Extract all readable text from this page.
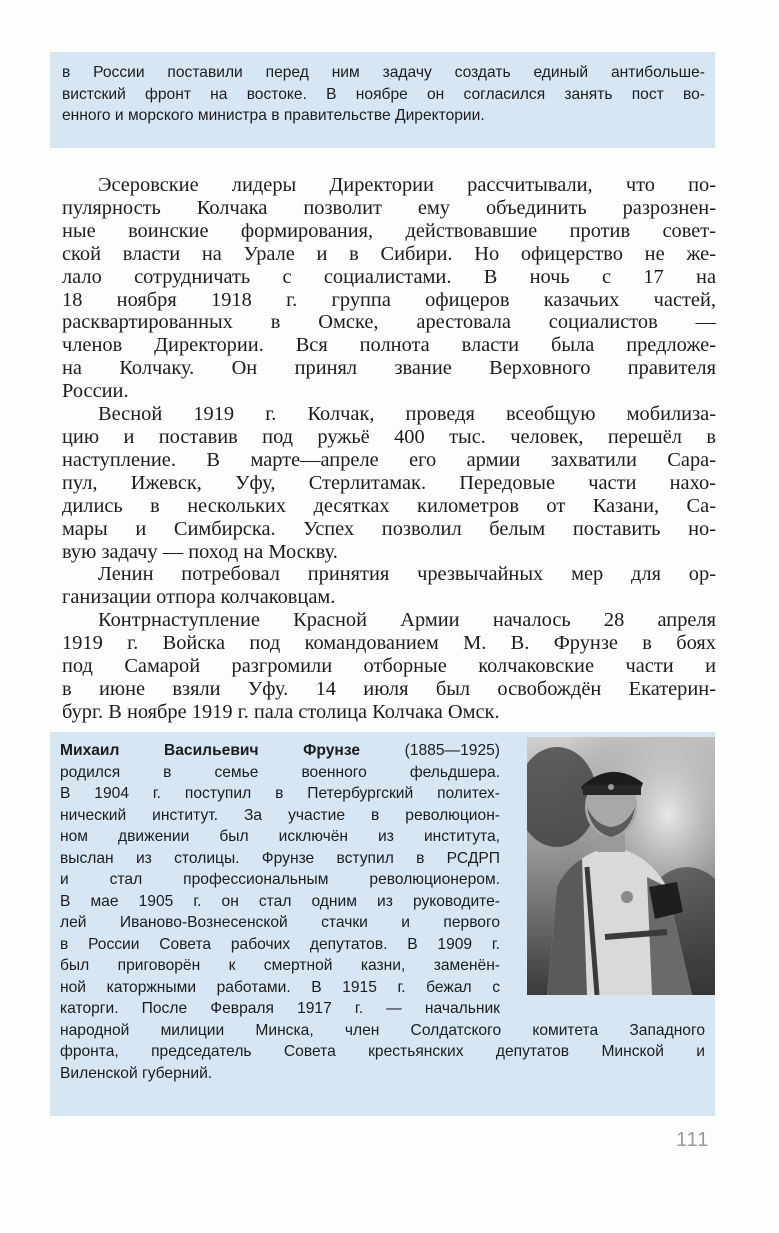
в России поставили перед ним задачу создать единый антибольше-
вистский фронт на востоке. В ноябре он согласился занять пост во-
енного и морского министра в правительстве Директории.
Эсеровские лидеры Директории рассчитывали, что по-
пулярность Колчака позволит ему объединить разрознен-
ные воинские формирования, действовавшие против совет-
ской власти на Урале и в Сибири. Но офицерство не же-
лало сотрудничать с социалистами. В ночь с 17 на
18 ноября 1918 г. группа офицеров казачьих частей,
расквартированных в Омске, арестовала социалистов —
членов Директории. Вся полнота власти была предложе-
на Колчаку. Он принял звание Верховного правителя
России.
Весной 1919 г. Колчак, проведя всеобщую мобилиза-
цию и поставив под ружьё 400 тыс. человек, перешёл в
наступление. В марте—апреле его армии захватили Сара-
пул, Ижевск, Уфу, Стерлитамак. Передовые части нахо-
дились в нескольких десятках километров от Казани, Са-
мары и Симбирска. Успех позволил белым поставить но-
вую задачу — поход на Москву.
Ленин потребовал принятия чрезвычайных мер для ор-
ганизации отпора колчаковцам.
Контрнаступление Красной Армии началось 28 апреля
1919 г. Войска под командованием М. В. Фрунзе в боях
под Самарой разгромили отборные колчаковские части и
в июне взяли Уфу. 14 июля был освобождён Екатерин-
бург. В ноябре 1919 г. пала столица Колчака Омск.
Михаил Васильевич Фрунзе (1885—1925)
родился в семье военного фельдшера.
В 1904 г. поступил в Петербургский политех-
нический институт. За участие в революцион-
ном движении был исключён из института,
выслан из столицы. Фрунзе вступил в РСДРП
и стал профессиональным революционером.
В мае 1905 г. он стал одним из руководите-
лей Иваново-Вознесенской стачки и первого
в России Совета рабочих депутатов. В 1909 г.
был приговорён к смертной казни, заменён-
ной каторжными работами. В 1915 г. бежал с
каторги. После Февраля 1917 г. — начальник
народной милиции Минска, член Солдатского комитета Западного
фронта, председатель Совета крестьянских депутатов Минской и
Виленской губерний.
111
